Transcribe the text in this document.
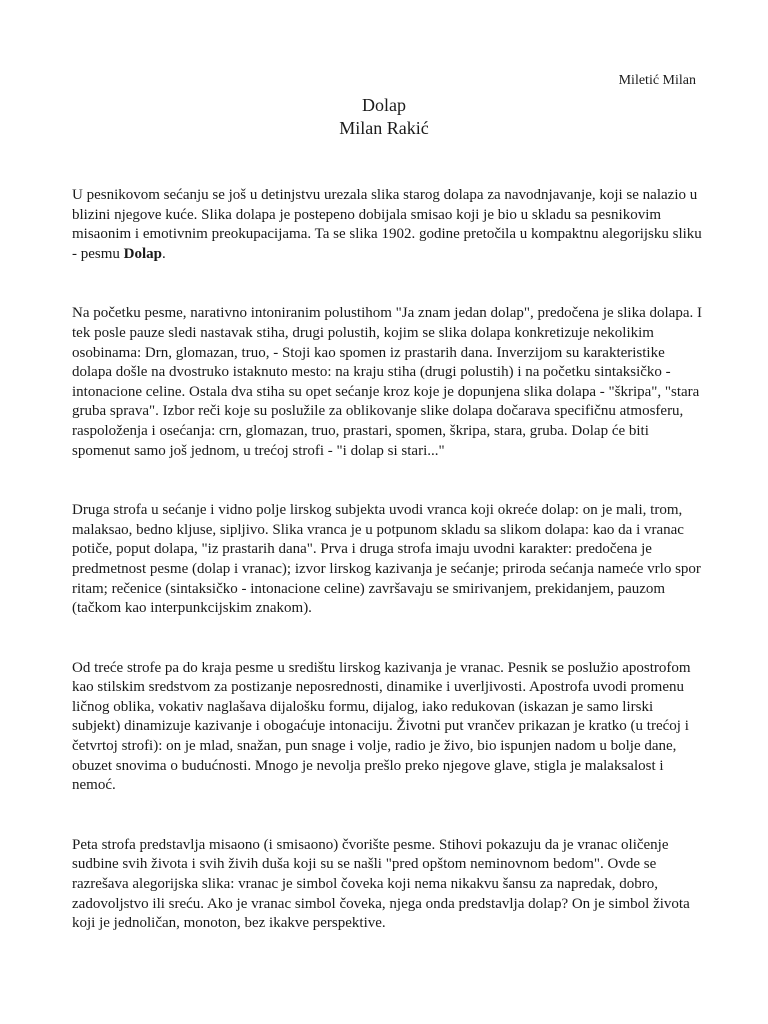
Miletić Milan
Dolap
Milan Rakić

U pesnikovom sećanju se još u detinjstvu urezala slika starog dolapa za navodnjavanje, koji se nalazio u blizini njegove kuće. Slika dolapa je postepeno dobijala smisao koji je bio u skladu sa pesnikovim misaonim i emotivnim preokupacijama. Ta se slika 1902. godine pretočila u kompaktnu alegorijsku sliku - pesmu Dolap.

Na početku pesme, narativno intoniranim polustihom "Ja znam jedan dolap", predočena je slika dolapa. I tek posle pauze sledi nastavak stiha, drugi polustih, kojim se slika dolapa konkretizuje nekolikim osobinama: Drn, glomazan, truo, - Stoji kao spomen iz prastarih dana. Inverzijom su karakteristike dolapa došle na dvostruko istaknuto mesto: na kraju stiha (drugi polustih) i na početku sintaksičko - intonacione celine. Ostala dva stiha su opet sećanje kroz koje je dopunjena slika dolapa - "škripa", "stara gruba sprava". Izbor reči koje su poslužile za oblikovanje slike dolapa dočarava specifičnu atmosferu, raspoloženja i osećanja: crn, glomazan, truo, prastari, spomen, škripa, stara, gruba. Dolap će biti spomenut samo još jednom, u trećoj strofi - "i dolap si stari..."

Druga strofa u sećanje i vidno polje lirskog subjekta uvodi vranca koji okreće dolap: on je mali, trom, malaksao, bedno kljuse, sipljivo. Slika vranca je u potpunom skladu sa slikom dolapa: kao da i vranac potiče, poput dolapa, "iz prastarih dana". Prva i druga strofa imaju uvodni karakter: predočena je predmetnost pesme (dolap i vranac); izvor lirskog kazivanja je sećanje; priroda sećanja nameće vrlo spor ritam; rečenice (sintaksičko - intonacione celine) završavaju se smirivanjem, prekidanjem, pauzom (tačkom kao interpunkcijskim znakom).

Od treće strofe pa do kraja pesme u središtu lirskog kazivanja je vranac. Pesnik se poslužio apostrofom kao stilskim sredstvom za postizanje neposrednosti, dinamike i uverljivosti. Apostrofa uvodi promenu ličnog oblika, vokativ naglašava dijalošku formu, dijalog, iako redukovan (iskazan je samo lirski subjekt) dinamizuje kazivanje i obogaćuje intonaciju. Životni put vrančev prikazan je kratko (u trećoj i četvrtoj strofi): on je mlad, snažan, pun snage i volje, radio je živo, bio ispunjen nadom u bolje dane, obuzet snovima o budućnosti. Mnogo je nevolja prešlo preko njegove glave, stigla je malaksalost i nemoć.

Peta strofa predstavlja misaono (i smisaono) čvorište pesme. Stihovi pokazuju da je vranac oličenje sudbine svih života i svih živih duša koji su se našli "pred opštom neminovnom bedom". Ovde se razrešava alegorijska slika: vranac je simbol čoveka koji nema nikakvu šansu za napredak, dobro, zadovoljstvo ili sreću. Ako je vranac simbol čoveka, njega onda predstavlja dolap? On je simbol života koji je jednoličan, monoton, bez ikakve perspektive.
